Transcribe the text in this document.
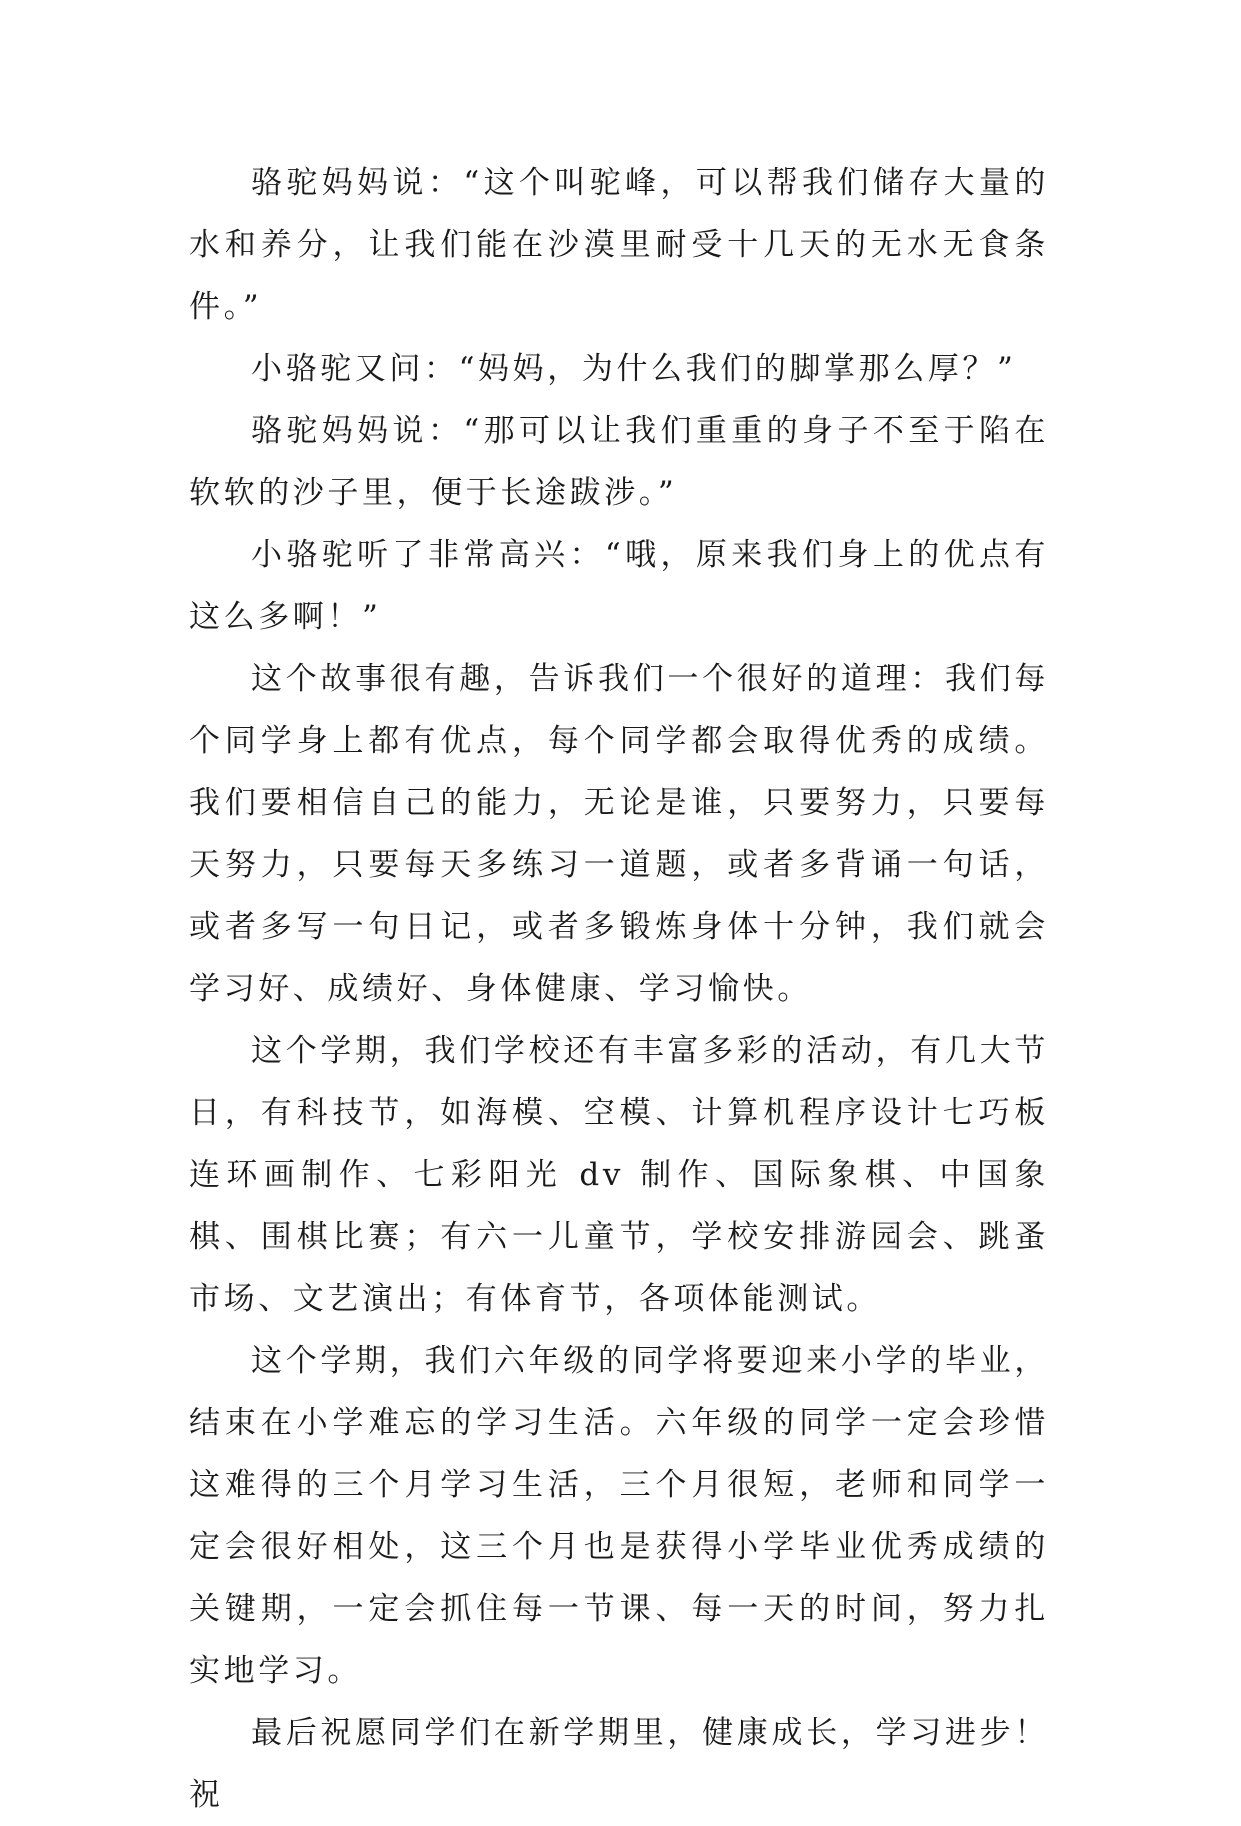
骆驼妈妈说：“这个叫驼峰，可以帮我们储存大量的水和养分，让我们能在沙漠里耐受十几天的无水无食条件。”

小骆驼又问：“妈妈，为什么我们的脚掌那么厚？”

骆驼妈妈说：“那可以让我们重重的身子不至于陷在软软的沙子里，便于长途跋涉。”

小骆驼听了非常高兴：“哦，原来我们身上的优点有这么多啊！”

这个故事很有趣，告诉我们一个很好的道理：我们每个同学身上都有优点，每个同学都会取得优秀的成绩。我们要相信自己的能力，无论是谁，只要努力，只要每天努力，只要每天多练习一道题，或者多背诵一句话，或者多写一句日记，或者多锻炼身体十分钟，我们就会学习好、成绩好、身体健康、学习愉快。

这个学期，我们学校还有丰富多彩的活动，有几大节日，有科技节，如海模、空模、计算机程序设计七巧板连环画制作、七彩阳光 dv 制作、国际象棋、中国象棋、围棋比赛；有六一儿童节，学校安排游园会、跳蚤市场、文艺演出；有体育节，各项体能测试。

这个学期，我们六年级的同学将要迎来小学的毕业，结束在小学难忘的学习生活。六年级的同学一定会珍惜这难得的三个月学习生活，三个月很短，老师和同学一定会很好相处，这三个月也是获得小学毕业优秀成绩的关键期，一定会抓住每一节课、每一天的时间，努力扎实地学习。

最后祝愿同学们在新学期里，健康成长，学习进步！祝
